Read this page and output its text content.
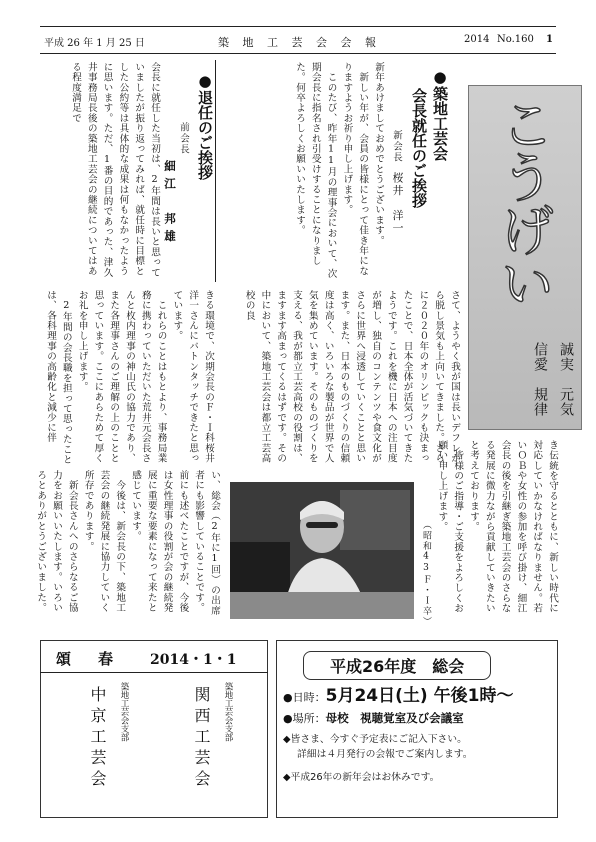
平成 26 年 1 月 25 日	築 地 工 芸 会 会 報	2014 No.160 1
こうげい
誠実　元気
信愛　規律
●築地工芸会
会長就任のご挨拶
新会長
桜井　洋一
新年あけましておめでとうございます。
　新しい年が、会員の皆様にとって佳き年になりますようお祈り申し上げます。
　このたび、昨年11月の理事会において、次期会長に指名され引受けすることになりました。何卒よろしくお願いいたします。
●退任のご挨拶
前会長
細江　邦雄
会長に就任した当初は、2年間は長いと思っていましたが振り返ってみれば、就任時に目標とした公約等は具体的な成果は何もなかったように思います。ただ、1番の目的であった、津久井事務局長後の築地工芸会の継続についてはある程度満足で
さて、ようやく我が国は長いデフレから脱し景気も上向いてきました。さらに２０２０年のオリンピックも決まったことで、日本全体が活気づいてきたようです。これを機に日本への注目度が増し、独自のコンテンツや食文化がさらに世界へ浸透していくことと思います。また、日本のものづくりの信頼度は高く、いろいろな製品が世界で人気を集めています。そのものづくりを支える、我が都立工芸高校の役割は、ますます高まってくるはずです。その中において、築地工芸会は都立工芸高校の良
きる環境で、次期会長のＦ・Ｉ科桜井洋一さんにバトンタッチできたと思っています。
　これらのことはもとより、事務局業務に携わっていただいた荒井元会長さんと枚内理事の神山氏の協力であり、また各理事さんのご理解の上のことと思っています。ここにあらためて厚くお礼を申し上げます。
　2年間の会長職を担って思ったことは、各科理事の高齢化と減少に伴
き伝統を守るとともに、新しい時代に対応していかなければなりません。若いＯＢや女性の参加を呼び掛け、細江会長の後を引継ぎ築地工芸会のさらなる発展に微力ながら貢献していきたいと考えております。
　皆様のご指導・ご支援をよろしくお願い申し上げます。
（昭和43Ｆ・Ｉ卒）
い、総会（2年に1回）の出席者にも影響していることです。前にも述べたことですが、今後は女性理事の役割が会の継続発展に重要な要素になって来たと感じています。
　今後は、新会長の下、築地工芸会の継続発展に協力していく所存であります。
　新会長さんへのさらなるご協力をお願いいたします。いろいろとありがとうございました。
頌　春 2014・1・1
築地工芸会支部
中京工芸会	築地工芸会支部
関西工芸会
平成26年度　総会
●日時：5月24日(土) 午後1時～
●場所：母校　視聴覚室及び会議室
◆皆さま、今すぐ予定表にご記入下さい。
詳細は４月発行の会報でご案内します。
◆平成26年の新年会はお休みです。
